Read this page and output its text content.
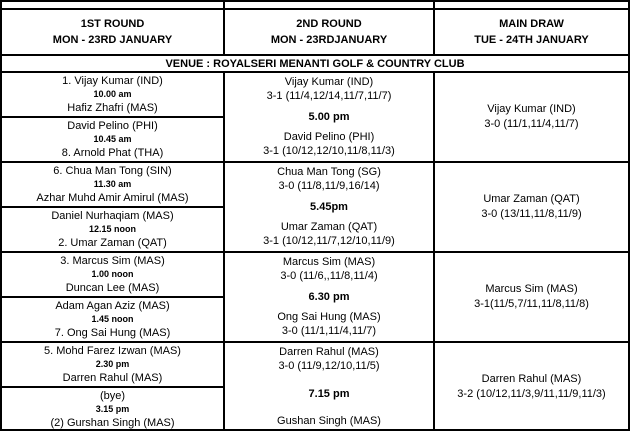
1ST ROUND
MON - 23RD JANUARY
2ND ROUND
MON - 23RDJANUARY
MAIN DRAW
TUE - 24TH JANUARY
VENUE : ROYALSERI MENANTI GOLF & COUNTRY CLUB
1. Vijay Kumar (IND)
10.00 am
Hafiz Zhafri (MAS)
David Pelino (PHI)
10.45 am
8. Arnold Phat (THA)
Vijay Kumar (IND)
3-1 (11/4,12/14,11/7,11/7)
5.00 pm
David Pelino (PHI)
3-1 (10/12,12/10,11/8,11/3)
Vijay Kumar (IND)
3-0 (11/1,11/4,11/7)
6. Chua Man Tong (SIN)
11.30 am
Azhar Muhd Amir Amirul (MAS)
Daniel Nurhaqiam (MAS)
12.15 noon
2. Umar Zaman (QAT)
Chua Man Tong (SG)
3-0 (11/8,11/9,16/14)
5.45pm
Umar Zaman (QAT)
3-1 (10/12,11/7,12/10,11/9)
Umar Zaman (QAT)
3-0 (13/11,11/8,11/9)
3. Marcus Sim (MAS)
1.00 noon
Duncan Lee (MAS)
Adam Agan Aziz (MAS)
1.45 noon
7. Ong Sai Hung (MAS)
Marcus Sim (MAS)
3-0 (11/6,,11/8,11/4)
6.30 pm
Ong Sai Hung (MAS)
3-0 (11/1,11/4,11/7)
Marcus Sim (MAS)
3-1(11/5,7/11,11/8,11/8)
5. Mohd Farez Izwan (MAS)
2.30 pm
Darren Rahul (MAS)
(bye)
3.15 pm
(2) Gurshan Singh (MAS)
Darren Rahul (MAS)
3-0 (11/9,12/10,11/5)
7.15 pm
Gushan Singh (MAS)
Darren Rahul (MAS)
3-2 (10/12,11/3,9/11,11/9,11/3)
